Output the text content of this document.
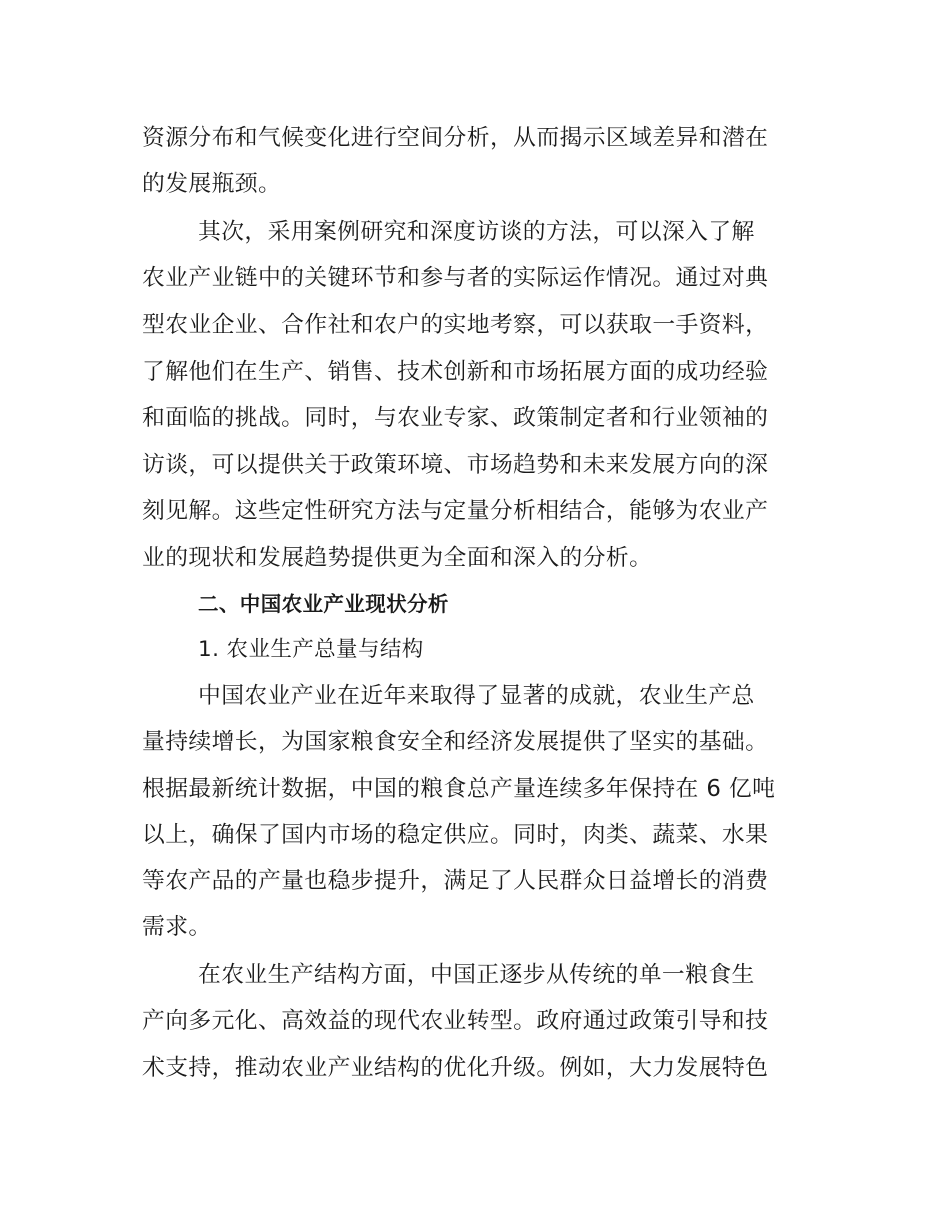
资源分布和气候变化进行空间分析，从而揭示区域差异和潜在
的发展瓶颈。
其次，采用案例研究和深度访谈的方法，可以深入了解
农业产业链中的关键环节和参与者的实际运作情况。通过对典
型农业企业、合作社和农户的实地考察，可以获取一手资料，
了解他们在生产、销售、技术创新和市场拓展方面的成功经验
和面临的挑战。同时，与农业专家、政策制定者和行业领袖的
访谈，可以提供关于政策环境、市场趋势和未来发展方向的深
刻见解。这些定性研究方法与定量分析相结合，能够为农业产
业的现状和发展趋势提供更为全面和深入的分析。
二、中国农业产业现状分析
1. 农业生产总量与结构
中国农业产业在近年来取得了显著的成就，农业生产总
量持续增长，为国家粮食安全和经济发展提供了坚实的基础。
根据最新统计数据，中国的粮食总产量连续多年保持在 6 亿吨
以上，确保了国内市场的稳定供应。同时，肉类、蔬菜、水果
等农产品的产量也稳步提升，满足了人民群众日益增长的消费
需求。
在农业生产结构方面，中国正逐步从传统的单一粮食生
产向多元化、高效益的现代农业转型。政府通过政策引导和技
术支持，推动农业产业结构的优化升级。例如，大力发展特色
